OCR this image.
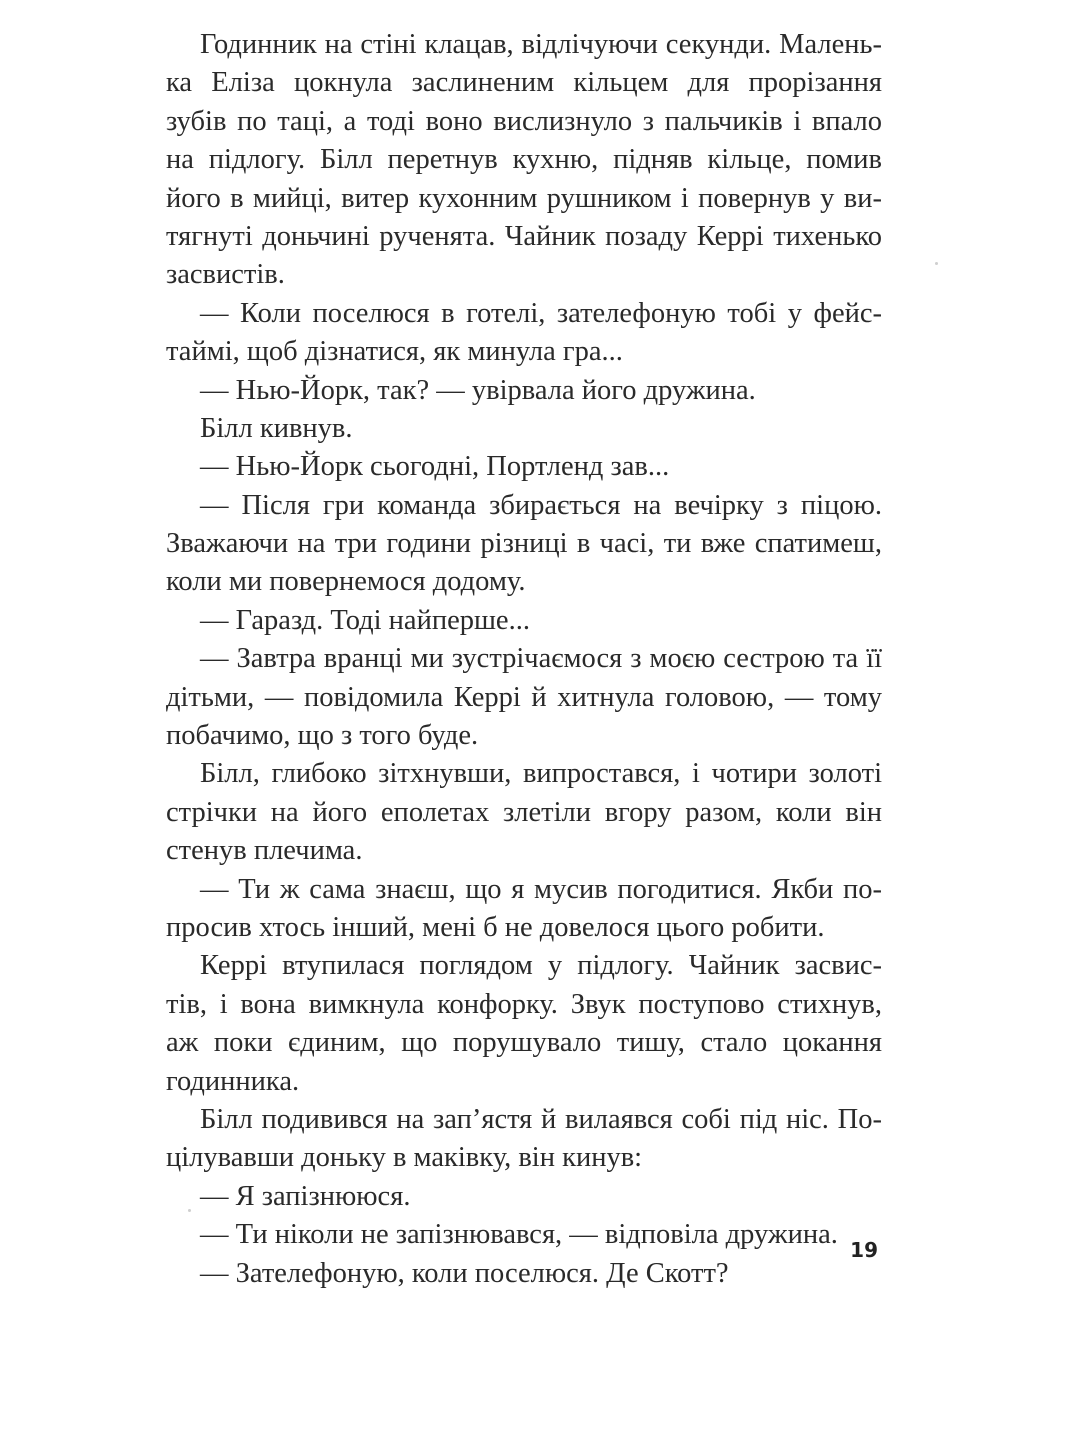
Годинник на стіні клацав, відлічуючи секунди. Малень-
ка Еліза цокнула заслиненим кільцем для прорізання
зубів по таці, а тоді воно вислизнуло з пальчиків і впало
на підлогу. Білл перетнув кухню, підняв кільце, помив
його в мийці, витер кухонним рушником і повернув у ви-
тягнуті доньчині рученята. Чайник позаду Керрі тихенько
засвистів.
— Коли поселюся в готелі, зателефоную тобі у фейс-
таймі, щоб дізнатися, як минула гра...
— Нью-Йорк, так? — увірвала його дружина.
Білл кивнув.
— Нью-Йорк сьогодні, Портленд зав...
— Після гри команда збирається на вечірку з піцою.
Зважаючи на три години різниці в часі, ти вже спатимеш,
коли ми повернемося додому.
— Гаразд. Тоді найперше...
— Завтра вранці ми зустрічаємося з моєю сестрою та її
дітьми, — повідомила Керрі й хитнула головою, — тому
побачимо, що з того буде.
Білл, глибоко зітхнувши, випростався, і чотири золоті
стрічки на його еполетах злетіли вгору разом, коли він
стенув плечима.
— Ти ж сама знаєш, що я мусив погодитися. Якби по-
просив хтось інший, мені б не довелося цього робити.
Керрі втупилася поглядом у підлогу. Чайник засвис-
тів, і вона вимкнула конфорку. Звук поступово стихнув,
аж поки єдиним, що порушувало тишу, стало цокання
годинника.
Білл подивився на зап’ястя й вилаявся собі під ніс. По-
цілувавши доньку в маківку, він кинув:
— Я запізнююся.
— Ти ніколи не запізнювався, — відповіла дружина.
— Зателефоную, коли поселюся. Де Скотт?
19
